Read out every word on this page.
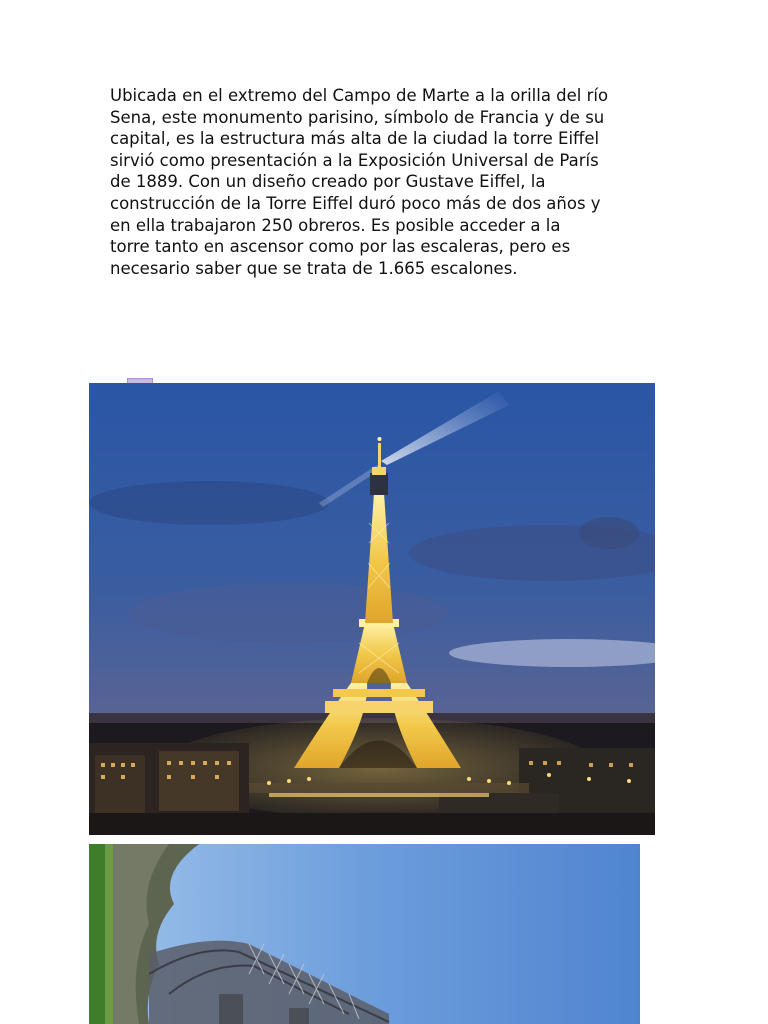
Ubicada en el extremo del Campo de Marte a la orilla del río
Sena, este monumento parisino, símbolo de Francia y de su
capital, es la estructura más alta de la ciudad la torre Eiffel
sirvió como presentación a la Exposición Universal de París
de 1889. Con un diseño creado por Gustave Eiffel, la
construcción de la Torre Eiffel duró poco más de dos años y
en ella trabajaron 250 obreros. Es posible acceder a la
torre tanto en ascensor como por las escaleras, pero es
necesario saber que se trata de 1.665 escalones.
